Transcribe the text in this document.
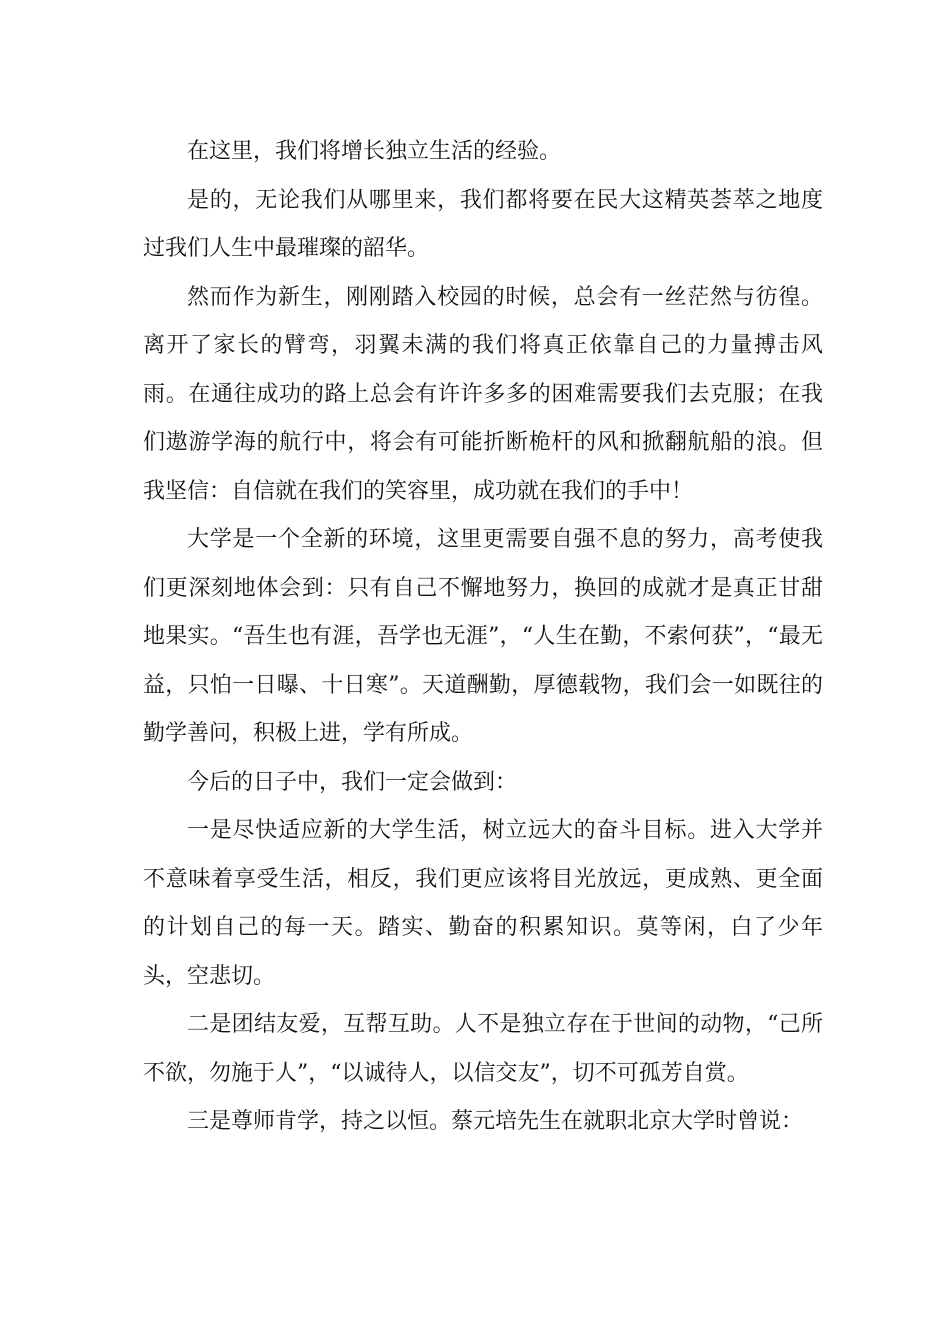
在这里，我们将增长独立生活的经验。

是的，无论我们从哪里来，我们都将要在民大这精英荟萃之地度过我们人生中最璀璨的韶华。

然而作为新生，刚刚踏入校园的时候，总会有一丝茫然与彷徨。离开了家长的臂弯，羽翼未满的我们将真正依靠自己的力量搏击风雨。在通往成功的路上总会有许许多多的困难需要我们去克服；在我们遨游学海的航行中，将会有可能折断桅杆的风和掀翻航船的浪。但我坚信：自信就在我们的笑容里，成功就在我们的手中！

大学是一个全新的环境，这里更需要自强不息的努力，高考使我们更深刻地体会到：只有自己不懈地努力，换回的成就才是真正甘甜地果实。“吾生也有涯，吾学也无涯”，“人生在勤，不索何获”，“最无益，只怕一日曝、十日寒”。天道酬勤，厚德载物，我们会一如既往的勤学善问，积极上进，学有所成。

今后的日子中，我们一定会做到：

一是尽快适应新的大学生活，树立远大的奋斗目标。进入大学并不意味着享受生活，相反，我们更应该将目光放远，更成熟、更全面的计划自己的每一天。踏实、勤奋的积累知识。莫等闲，白了少年头，空悲切。

二是团结友爱，互帮互助。人不是独立存在于世间的动物，“己所不欲，勿施于人”，“以诚待人，以信交友”，切不可孤芳自赏。

三是尊师肯学，持之以恒。蔡元培先生在就职北京大学时曾说：
